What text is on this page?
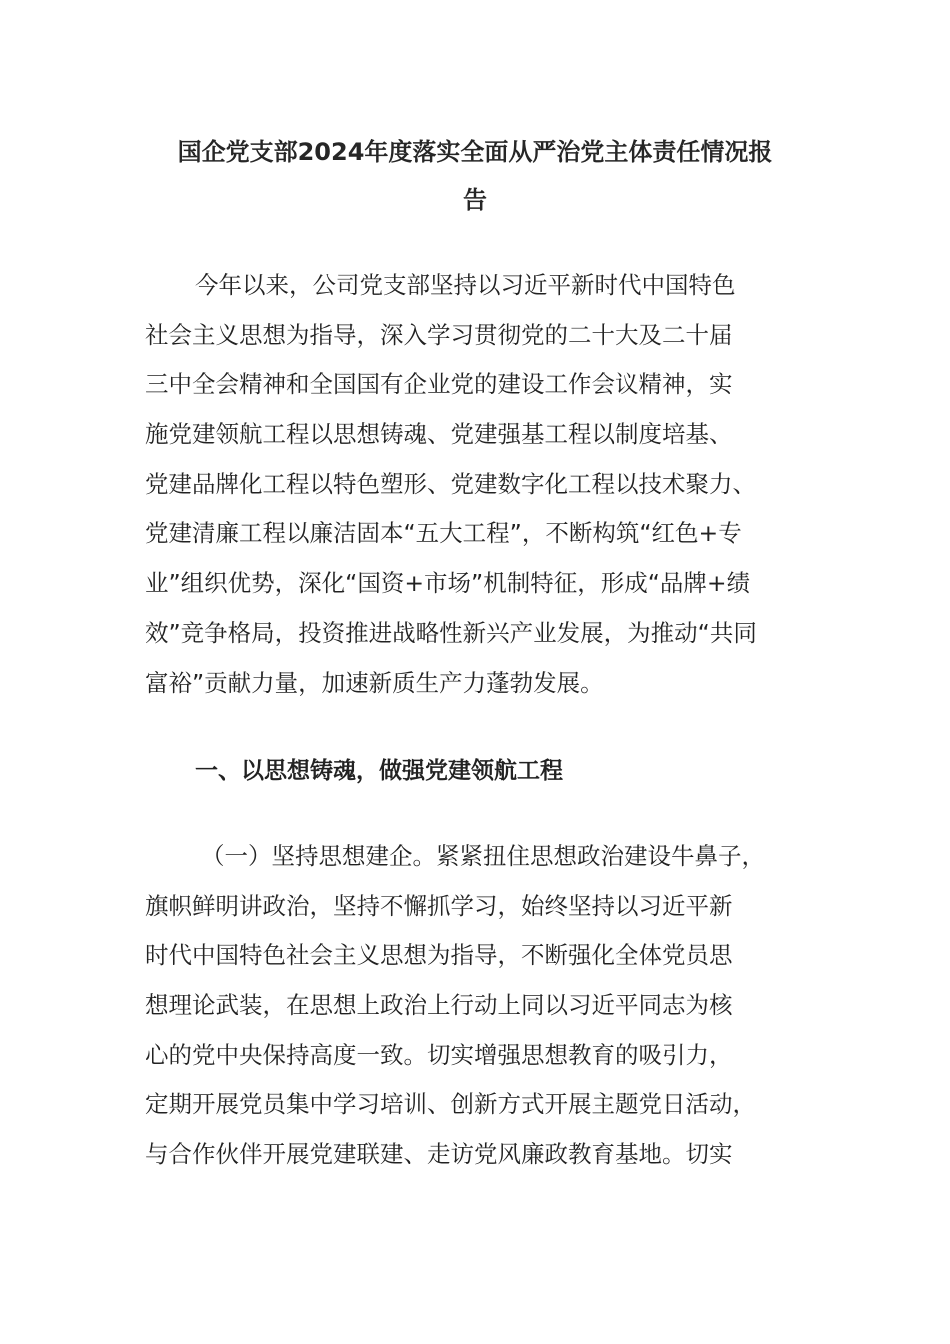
国企党支部2024年度落实全面从严治党主体责任情况报
告
今年以来，公司党支部坚持以习近平新时代中国特色
社会主义思想为指导，深入学习贯彻党的二十大及二十届
三中全会精神和全国国有企业党的建设工作会议精神，实
施党建领航工程以思想铸魂、党建强基工程以制度培基、
党建品牌化工程以特色塑形、党建数字化工程以技术聚力、
党建清廉工程以廉洁固本“五大工程”，不断构筑“红色+专
业”组织优势，深化“国资+市场”机制特征，形成“品牌+绩
效”竞争格局，投资推进战略性新兴产业发展，为推动“共同
富裕”贡献力量，加速新质生产力蓬勃发展。
一、以思想铸魂，做强党建领航工程
（一）坚持思想建企。紧紧扭住思想政治建设牛鼻子，
旗帜鲜明讲政治，坚持不懈抓学习，始终坚持以习近平新
时代中国特色社会主义思想为指导，不断强化全体党员思
想理论武装，在思想上政治上行动上同以习近平同志为核
心的党中央保持高度一致。切实增强思想教育的吸引力，
定期开展党员集中学习培训、创新方式开展主题党日活动，
与合作伙伴开展党建联建、走访党风廉政教育基地。切实
